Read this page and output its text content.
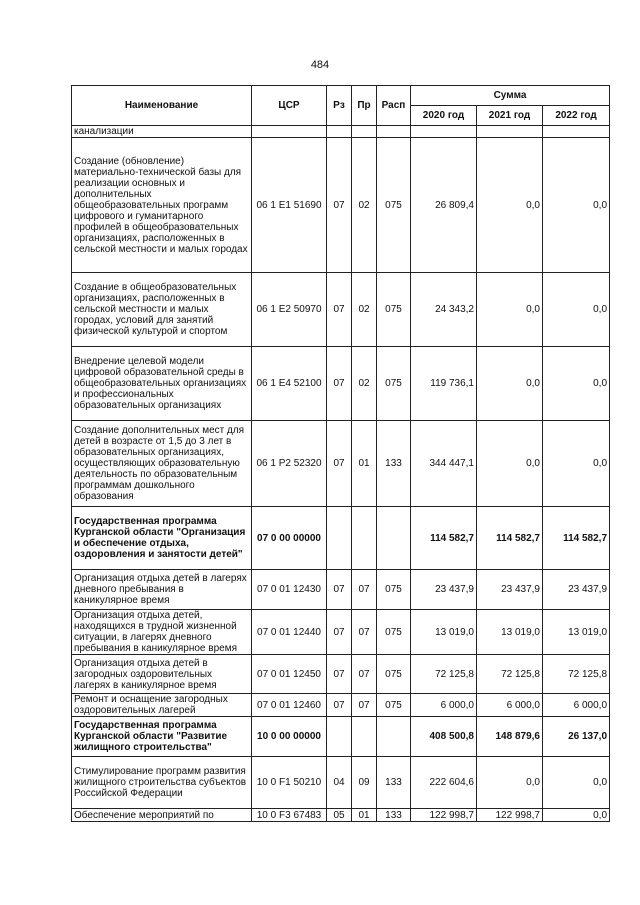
484
Наименование	ЦСР	Рз	Пр	Расп	Сумма		
					2020 год	2021 год	2022 год
канализации							
Создание (обновление) материально-технической базы для реализации основных и дополнительных общеобразовательных программ цифрового и гуманитарного профилей в общеобразовательных организациях, расположенных в сельской местности и малых городах	06 1 E1 51690	07	02	075	26 809,4	0,0	0,0
Создание в общеобразовательных организациях, расположенных в сельской местности и малых городах, условий для занятий физической культурой и спортом	06 1 E2 50970	07	02	075	24 343,2	0,0	0,0
Внедрение целевой модели цифровой образовательной среды в общеобразовательных организациях и профессиональных образовательных организациях	06 1 E4 52100	07	02	075	119 736,1	0,0	0,0
Создание дополнительных мест для детей в возрасте от 1,5 до 3 лет в образовательных организациях, осуществляющих образовательную деятельность по образовательным программам дошкольного образования	06 1 P2 52320	07	01	133	344 447,1	0,0	0,0
Государственная программа Курганской области "Организация и обеспечение отдыха, оздоровления и занятости детей"	07 0 00 00000				114 582,7	114 582,7	114 582,7
Организация отдыха детей в лагерях дневного пребывания в каникулярное время	07 0 01 12430	07	07	075	23 437,9	23 437,9	23 437,9
Организация отдыха детей, находящихся в трудной жизненной ситуации, в лагерях дневного пребывания в каникулярное время	07 0 01 12440	07	07	075	13 019,0	13 019,0	13 019,0
Организация отдыха детей в загородных оздоровительных лагерях в каникулярное время	07 0 01 12450	07	07	075	72 125,8	72 125,8	72 125,8
Ремонт и оснащение загородных оздоровительных лагерей	07 0 01 12460	07	07	075	6 000,0	6 000,0	6 000,0
Государственная программа Курганской области "Развитие жилищного строительства"	10 0 00 00000				408 500,8	148 879,6	26 137,0
Стимулирование программ развития жилищного строительства субъектов Российской Федерации	10 0 F1 50210	04	09	133	222 604,6	0,0	0,0
Обеспечение мероприятий по	10 0 F3 67483	05	01	133	122 998,7	122 998,7	0,0
